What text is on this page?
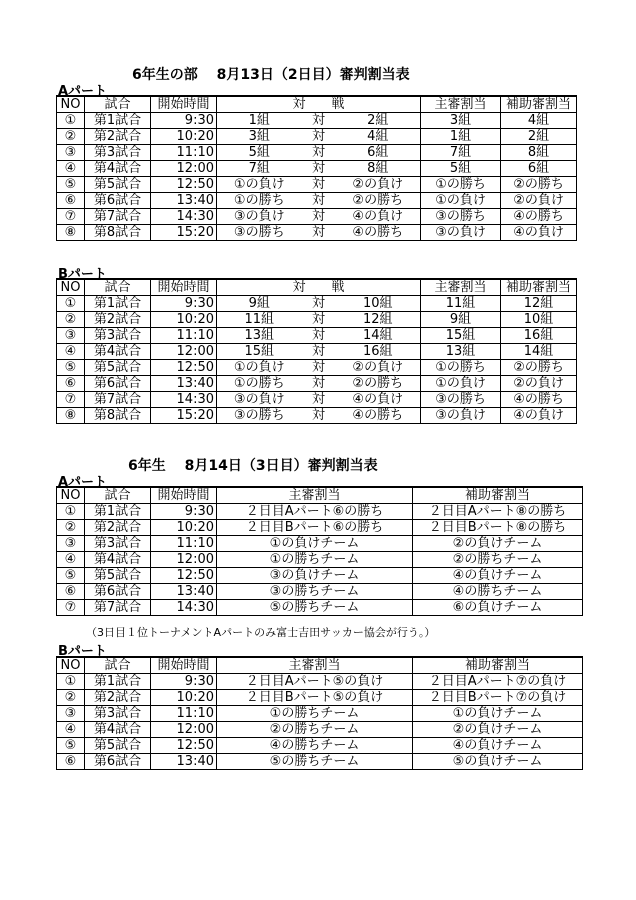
6年生の部　 8月13日（2日目）審判割当表
Aパート
NO	試合	開始時間	対　　戦			主審割当	補助審割当
①	第1試合	9:30	1組	対	2組	3組	4組
②	第2試合	10:20	3組	対	4組	1組	2組
③	第3試合	11:10	5組	対	6組	7組	8組
④	第4試合	12:00	7組	対	8組	5組	6組
⑤	第5試合	12:50	①の負け	対	②の負け	①の勝ち	②の勝ち
⑥	第6試合	13:40	①の勝ち	対	②の勝ち	①の負け	②の負け
⑦	第7試合	14:30	③の負け	対	④の負け	③の勝ち	④の勝ち
⑧	第8試合	15:20	③の勝ち	対	④の勝ち	③の負け	④の負け
Bパート
NO	試合	開始時間	対　　戦			主審割当	補助審割当
①	第1試合	9:30	9組	対	10組	11組	12組
②	第2試合	10:20	11組	対	12組	9組	10組
③	第3試合	11:10	13組	対	14組	15組	16組
④	第4試合	12:00	15組	対	16組	13組	14組
⑤	第5試合	12:50	①の負け	対	②の負け	①の勝ち	②の勝ち
⑥	第6試合	13:40	①の勝ち	対	②の勝ち	①の負け	②の負け
⑦	第7試合	14:30	③の負け	対	④の負け	③の勝ち	④の勝ち
⑧	第8試合	15:20	③の勝ち	対	④の勝ち	③の負け	④の負け
6年生　 8月14日（3日目）審判割当表
Aパート
NO	試合	開始時間	主審割当	補助審割当
①	第1試合	9:30	２日目Aパート⑥の勝ち	２日目Aパート⑧の勝ち
②	第2試合	10:20	２日目Bパート⑥の勝ち	２日目Bパート⑧の勝ち
③	第3試合	11:10	①の負けチーム	②の負けチーム
④	第4試合	12:00	①の勝ちチーム	②の勝ちチーム
⑤	第5試合	12:50	③の負けチーム	④の負けチーム
⑥	第6試合	13:40	③の勝ちチーム	④の勝ちチーム
⑦	第7試合	14:30	⑤の勝ちチーム	⑥の負けチーム
（3日目１位トーナメントAパートのみ富士吉田サッカー協会が行う。）
Bパート
NO	試合	開始時間	主審割当	補助審割当
①	第1試合	9:30	２日目Aパート⑤の負け	２日目Aパート⑦の負け
②	第2試合	10:20	２日目Bパート⑤の負け	２日目Bパート⑦の負け
③	第3試合	11:10	①の勝ちチーム	①の負けチーム
④	第4試合	12:00	②の勝ちチーム	②の負けチーム
⑤	第5試合	12:50	④の勝ちチーム	④の負けチーム
⑥	第6試合	13:40	⑤の勝ちチーム	⑤の負けチーム
